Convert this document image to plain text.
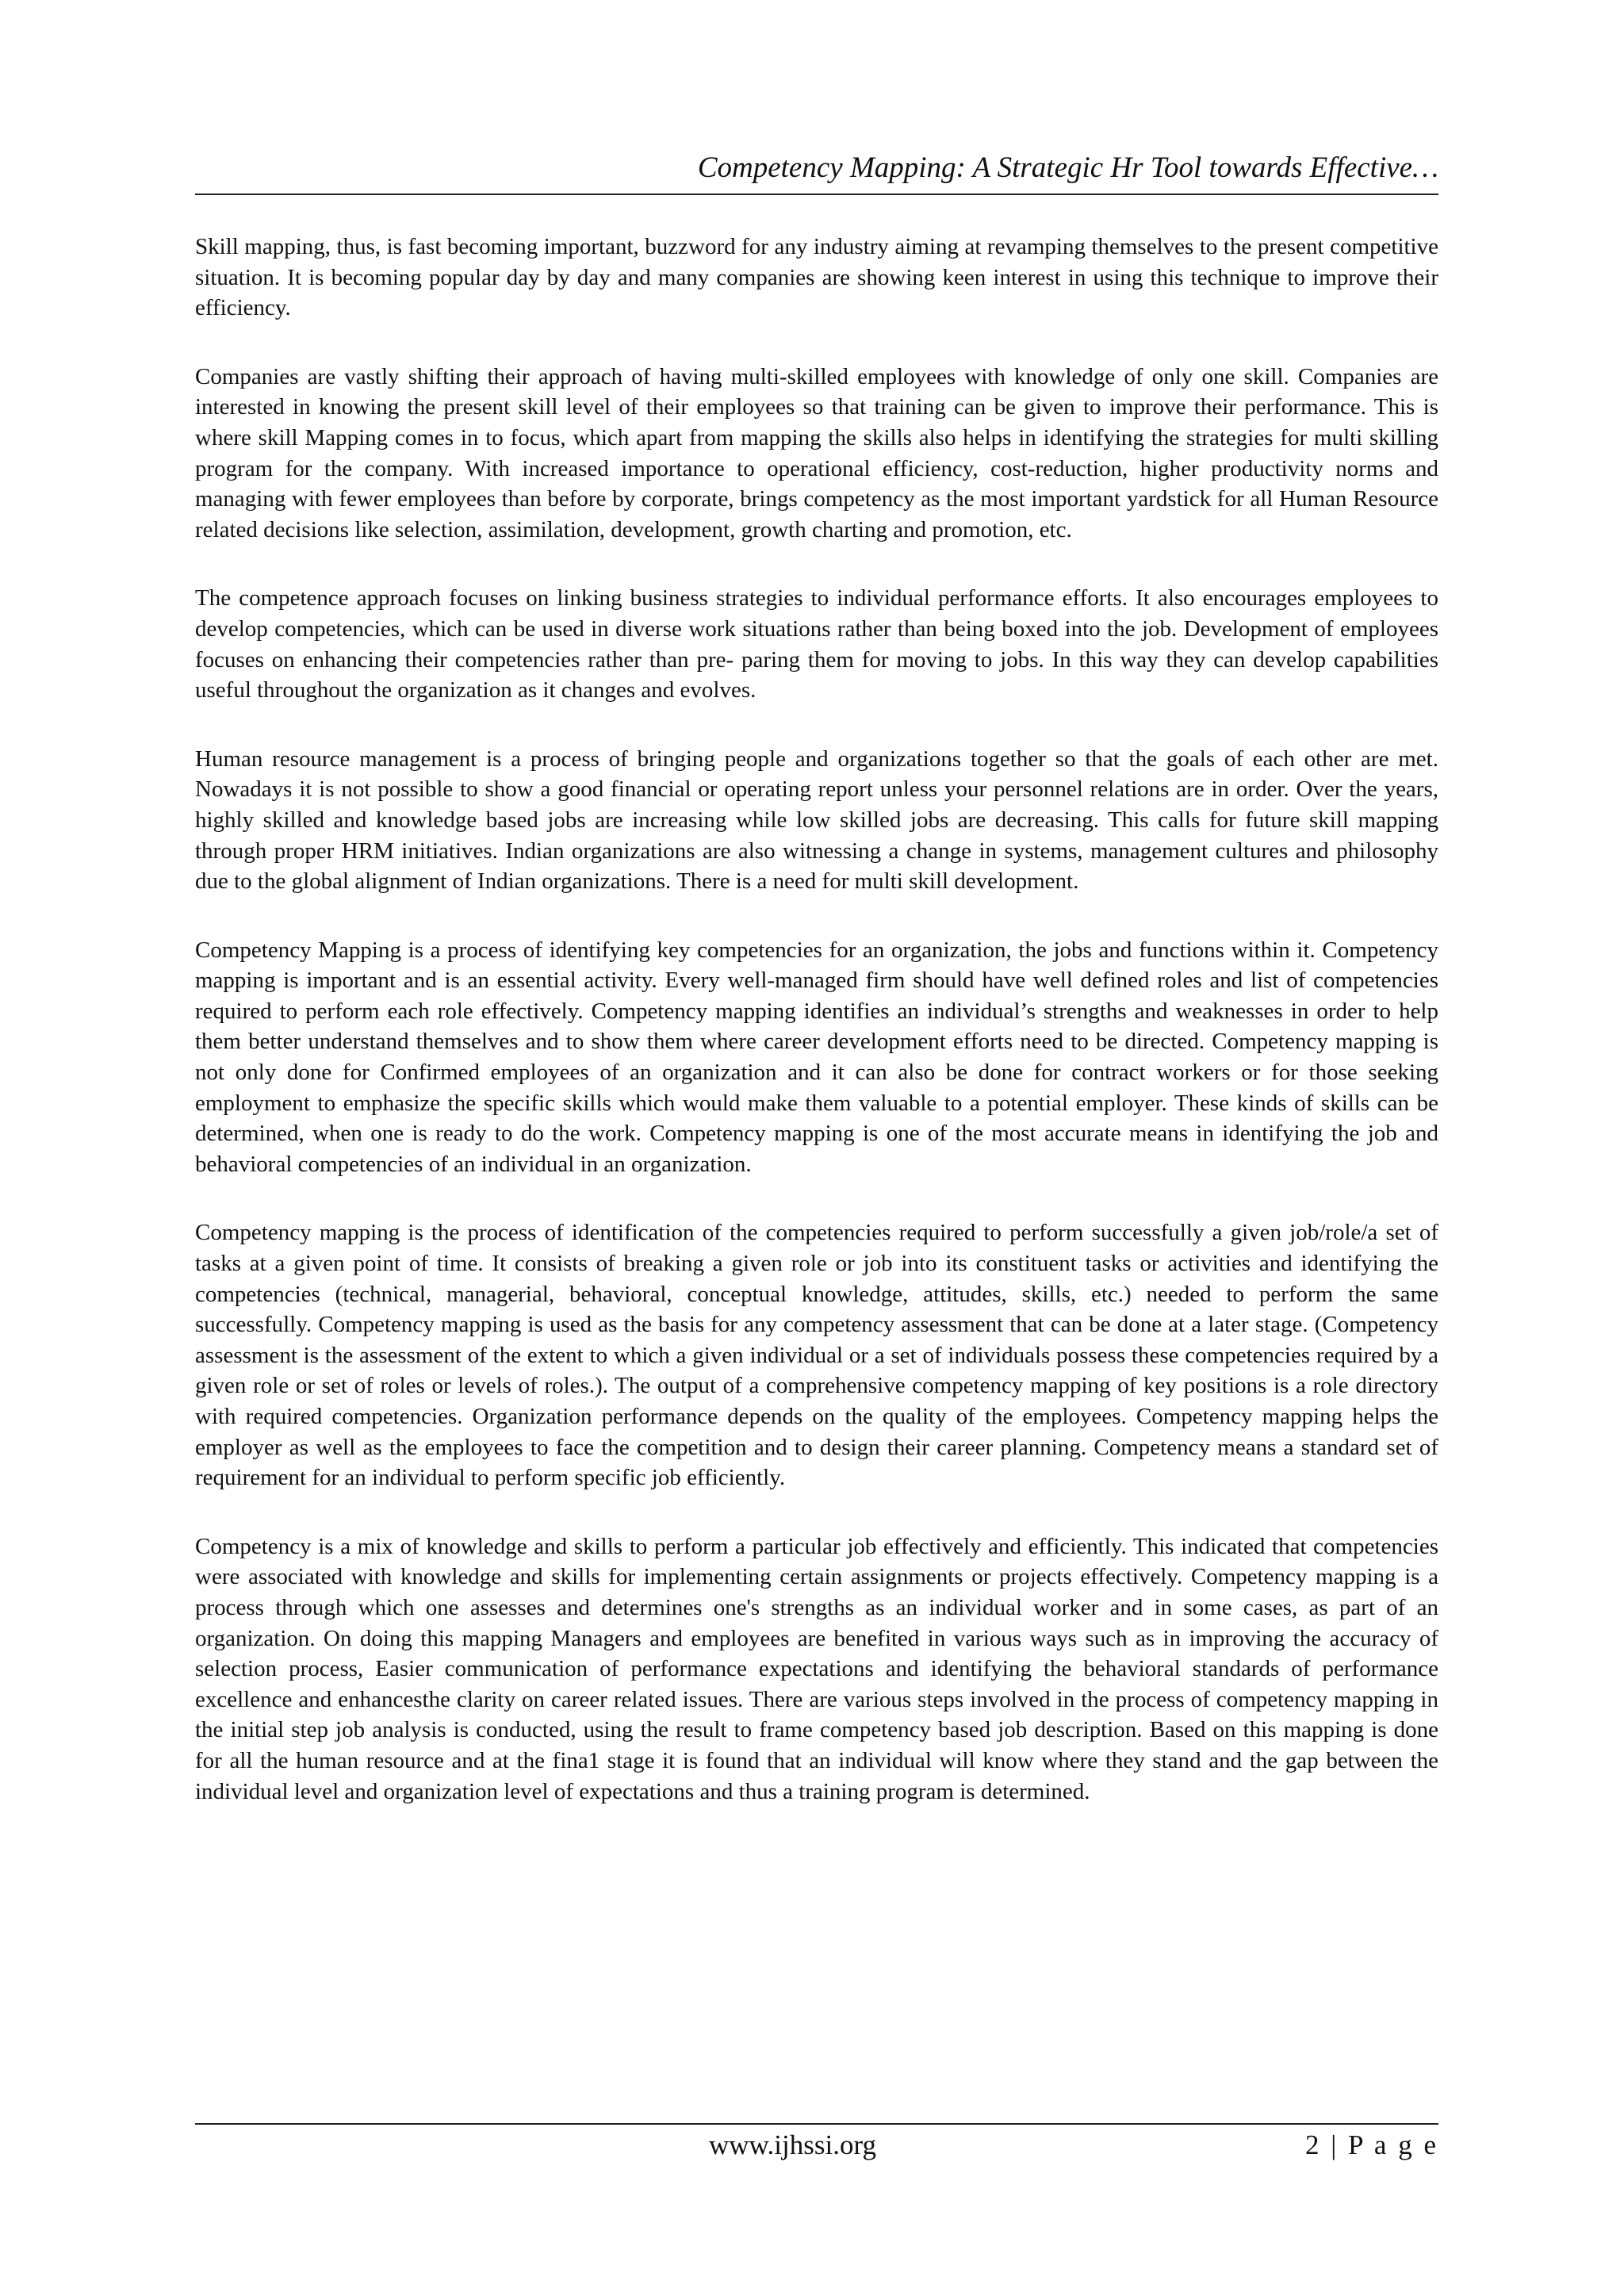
Competency Mapping: A Strategic Hr Tool towards Effective…

Skill mapping, thus, is fast becoming important, buzzword for any industry aiming at revamping themselves to the present competitive situation. It is becoming popular day by day and many companies are showing keen interest in using this technique to improve their efficiency.

Companies are vastly shifting their approach of having multi-skilled employees with knowledge of only one skill. Companies are interested in knowing the present skill level of their employees so that training can be given to improve their performance. This is where skill Mapping comes in to focus, which apart from mapping the skills also helps in identifying the strategies for multi skilling program for the company. With increased importance to operational efficiency, cost-reduction, higher productivity norms and managing with fewer employees than before by corporate, brings competency as the most important yardstick for all Human Resource related decisions like selection, assimilation, development, growth charting and promotion, etc.

The competence approach focuses on linking business strategies to individual performance efforts. It also encourages employees to develop competencies, which can be used in diverse work situations rather than being boxed into the job. Development of employees focuses on enhancing their competencies rather than pre- paring them for moving to jobs. In this way they can develop capabilities useful throughout the organization as it changes and evolves.

Human resource management is a process of bringing people and organizations together so that the goals of each other are met. Nowadays it is not possible to show a good financial or operating report unless your personnel relations are in order. Over the years, highly skilled and knowledge based jobs are increasing while low skilled jobs are decreasing. This calls for future skill mapping through proper HRM initiatives. Indian organizations are also witnessing a change in systems, management cultures and philosophy due to the global alignment of Indian organizations. There is a need for multi skill development.

Competency Mapping is a process of identifying key competencies for an organization, the jobs and functions within it. Competency mapping is important and is an essential activity. Every well-managed firm should have well defined roles and list of competencies required to perform each role effectively. Competency mapping identifies an individual’s strengths and weaknesses in order to help them better understand themselves and to show them where career development efforts need to be directed. Competency mapping is not only done for Confirmed employees of an organization and it can also be done for contract workers or for those seeking employment to emphasize the specific skills which would make them valuable to a potential employer. These kinds of skills can be determined, when one is ready to do the work. Competency mapping is one of the most accurate means in identifying the job and behavioral competencies of an individual in an organization.

Competency mapping is the process of identification of the competencies required to perform successfully a given job/role/a set of tasks at a given point of time. It consists of breaking a given role or job into its constituent tasks or activities and identifying the competencies (technical, managerial, behavioral, conceptual knowledge, attitudes, skills, etc.) needed to perform the same successfully. Competency mapping is used as the basis for any competency assessment that can be done at a later stage. (Competency assessment is the assessment of the extent to which a given individual or a set of individuals possess these competencies required by a given role or set of roles or levels of roles.). The output of a comprehensive competency mapping of key positions is a role directory with required competencies. Organization performance depends on the quality of the employees. Competency mapping helps the employer as well as the employees to face the competition and to design their career planning. Competency means a standard set of requirement for an individual to perform specific job efficiently.

Competency is a mix of knowledge and skills to perform a particular job effectively and efficiently. This indicated that competencies were associated with knowledge and skills for implementing certain assignments or projects effectively. Competency mapping is a process through which one assesses and determines one's strengths as an individual worker and in some cases, as part of an organization. On doing this mapping Managers and employees are benefited in various ways such as in improving the accuracy of selection process, Easier communication of performance expectations and identifying the behavioral standards of performance excellence and enhancesthe clarity on career related issues. There are various steps involved in the process of competency mapping in the initial step job analysis is conducted, using the result to frame competency based job description. Based on this mapping is done for all the human resource and at the fina1 stage it is found that an individual will know where they stand and the gap between the individual level and organization level of expectations and thus a training program is determined.

www.ijhssi.org	2 | P a g e
